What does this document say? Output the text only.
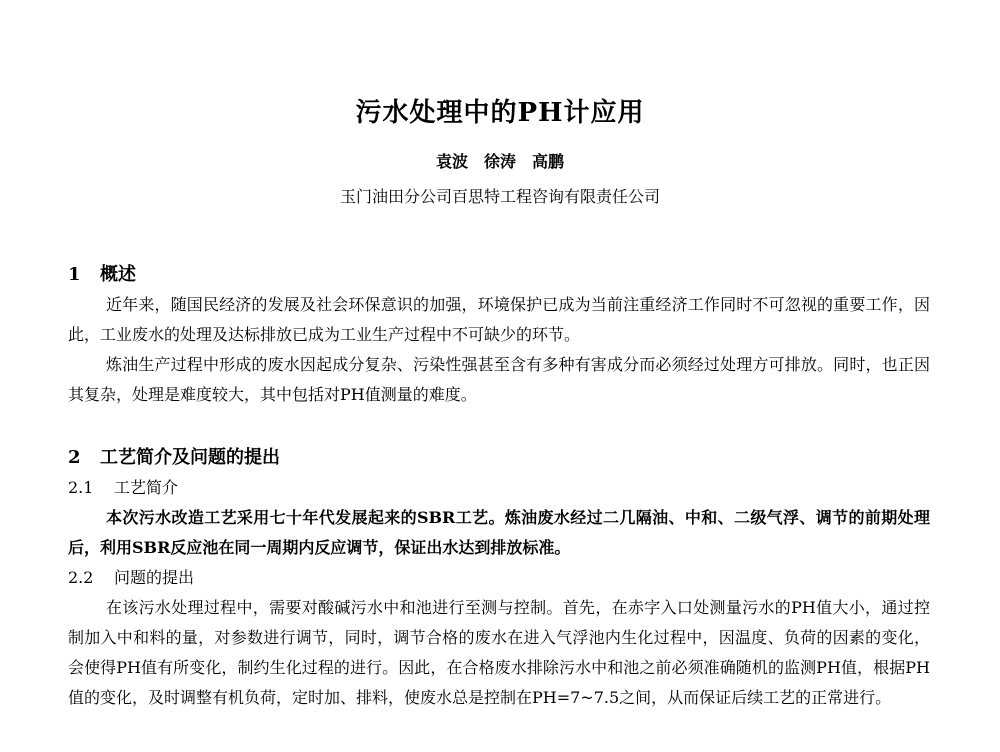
污水处理中的PH计应用
袁波　徐涛　高鹏
玉门油田分公司百思特工程咨询有限责任公司
1 概述

近年来，随国民经济的发展及社会环保意识的加强，环境保护已成为当前注重经济工作同时不可忽视的重要工作，因此，工业废水的处理及达标排放已成为工业生产过程中不可缺少的环节。

炼油生产过程中形成的废水因起成分复杂、污染性强甚至含有多种有害成分而必须经过处理方可排放。同时，也正因其复杂，处理是难度较大，其中包括对PH值测量的难度。

2 工艺简介及问题的提出
2.1 工艺简介

本次污水改造工艺采用七十年代发展起来的SBR工艺。炼油废水经过二几隔油、中和、二级气浮、调节的前期处理后，利用SBR反应池在同一周期内反应调节，保证出水达到排放标准。

2.2 问题的提出

在该污水处理过程中，需要对酸碱污水中和池进行至测与控制。首先，在赤字入口处测量污水的PH值大小，通过控制加入中和料的量，对参数进行调节，同时，调节合格的废水在进入气浮池内生化过程中，因温度、负荷的因素的变化，会使得PH值有所变化，制约生化过程的进行。因此，在合格废水排除污水中和池之前必须准确随机的监测PH值，根据PH值的变化，及时调整有机负荷，定时加、排料，使废水总是控制在PH=7~7.5之间，从而保证后续工艺的正常进行。
